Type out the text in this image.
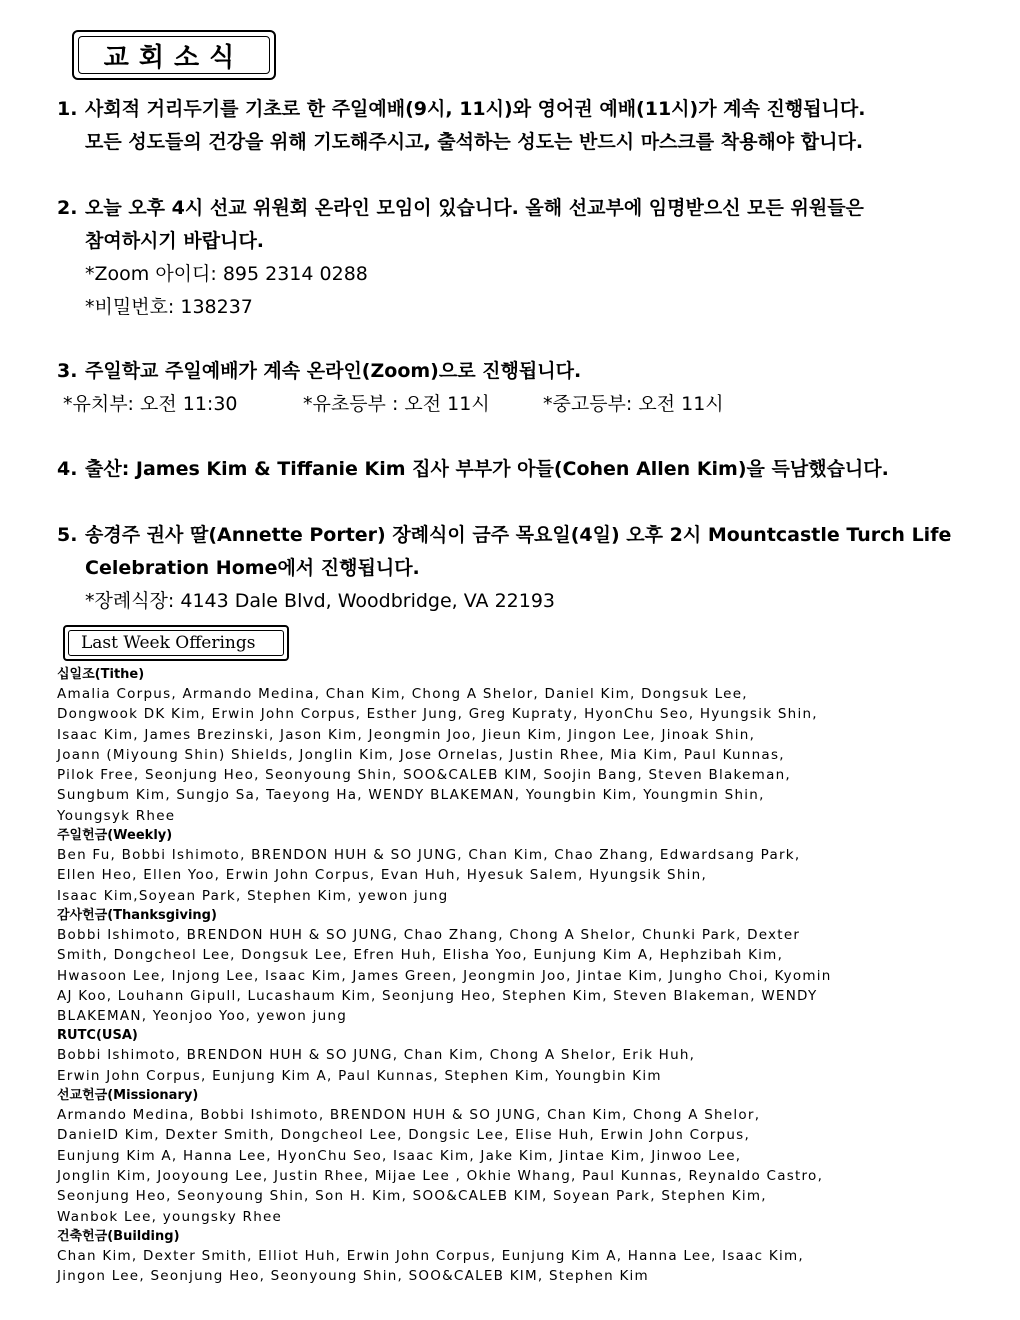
교회소식
1. 사회적 거리두기를 기초로 한 주일예배(9시, 11시)와 영어권 예배(11시)가 계속 진행됩니다.
모든 성도들의 건강을 위해 기도해주시고, 출석하는 성도는 반드시 마스크를 착용해야 합니다.
2. 오늘 오후 4시 선교 위원회 온라인 모임이 있습니다. 올해 선교부에 임명받으신 모든 위원들은
참여하시기 바랍니다.
*Zoom 아이디: 895 2314 0288
*비밀번호: 138237
3. 주일학교 주일예배가 계속 온라인(Zoom)으로 진행됩니다.
*유치부: 오전 11:30	*유초등부 : 오전 11시	*중고등부: 오전 11시
4. 출산: James Kim & Tiffanie Kim 집사 부부가 아들(Cohen Allen Kim)을 득남했습니다.
5. 송경주 권사 딸(Annette Porter) 장례식이 금주 목요일(4일) 오후 2시 Mountcastle Turch Life
Celebration Home에서 진행됩니다.
*장례식장: 4143 Dale Blvd, Woodbridge, VA 22193
Last Week Offerings
십일조(Tithe)
Amalia Corpus, Armando Medina, Chan Kim, Chong A Shelor, Daniel Kim, Dongsuk Lee,
Dongwook DK Kim, Erwin John Corpus, Esther Jung, Greg Kupraty, HyonChu Seo, Hyungsik Shin,
Isaac Kim, James Brezinski, Jason Kim, Jeongmin Joo, Jieun Kim, Jingon Lee, Jinoak Shin,
Joann (Miyoung Shin) Shields, Jonglin Kim, Jose Ornelas, Justin Rhee, Mia Kim, Paul Kunnas,
Pilok Free, Seonjung Heo, Seonyoung Shin, SOO&CALEB KIM, Soojin Bang, Steven Blakeman,
Sungbum Kim, Sungjo Sa, Taeyong Ha, WENDY BLAKEMAN, Youngbin Kim, Youngmin Shin,
Youngsyk Rhee
주일헌금(Weekly)
Ben Fu, Bobbi Ishimoto, BRENDON HUH & SO JUNG, Chan Kim, Chao Zhang, Edwardsang Park,
Ellen Heo, Ellen Yoo, Erwin John Corpus, Evan Huh, Hyesuk Salem, Hyungsik Shin,
Isaac Kim,Soyean Park, Stephen Kim, yewon jung
감사헌금(Thanksgiving)
Bobbi Ishimoto, BRENDON HUH & SO JUNG, Chao Zhang, Chong A Shelor, Chunki Park, Dexter
Smith, Dongcheol Lee, Dongsuk Lee, Efren Huh, Elisha Yoo, Eunjung Kim A, Hephzibah Kim,
Hwasoon Lee, Injong Lee, Isaac Kim, James Green, Jeongmin Joo, Jintae Kim, Jungho Choi, Kyomin
AJ Koo, Louhann Gipull, Lucashaum Kim, Seonjung Heo, Stephen Kim, Steven Blakeman, WENDY
BLAKEMAN, Yeonjoo Yoo, yewon jung
RUTC(USA)
Bobbi Ishimoto, BRENDON HUH & SO JUNG, Chan Kim, Chong A Shelor, Erik Huh,
Erwin John Corpus, Eunjung Kim A, Paul Kunnas, Stephen Kim, Youngbin Kim
선교헌금(Missionary)
Armando Medina, Bobbi Ishimoto, BRENDON HUH & SO JUNG, Chan Kim, Chong A Shelor,
DanielD Kim, Dexter Smith, Dongcheol Lee, Dongsic Lee, Elise Huh, Erwin John Corpus,
Eunjung Kim A, Hanna Lee, HyonChu Seo, Isaac Kim, Jake Kim, Jintae Kim, Jinwoo Lee,
Jonglin Kim, Jooyoung Lee, Justin Rhee, Mijae Lee , Okhie Whang, Paul Kunnas, Reynaldo Castro,
Seonjung Heo, Seonyoung Shin, Son H. Kim, SOO&CALEB KIM, Soyean Park, Stephen Kim,
Wanbok Lee, youngsky Rhee
건축헌금(Building)
Chan Kim, Dexter Smith, Elliot Huh, Erwin John Corpus, Eunjung Kim A, Hanna Lee, Isaac Kim,
Jingon Lee, Seonjung Heo, Seonyoung Shin, SOO&CALEB KIM, Stephen Kim
